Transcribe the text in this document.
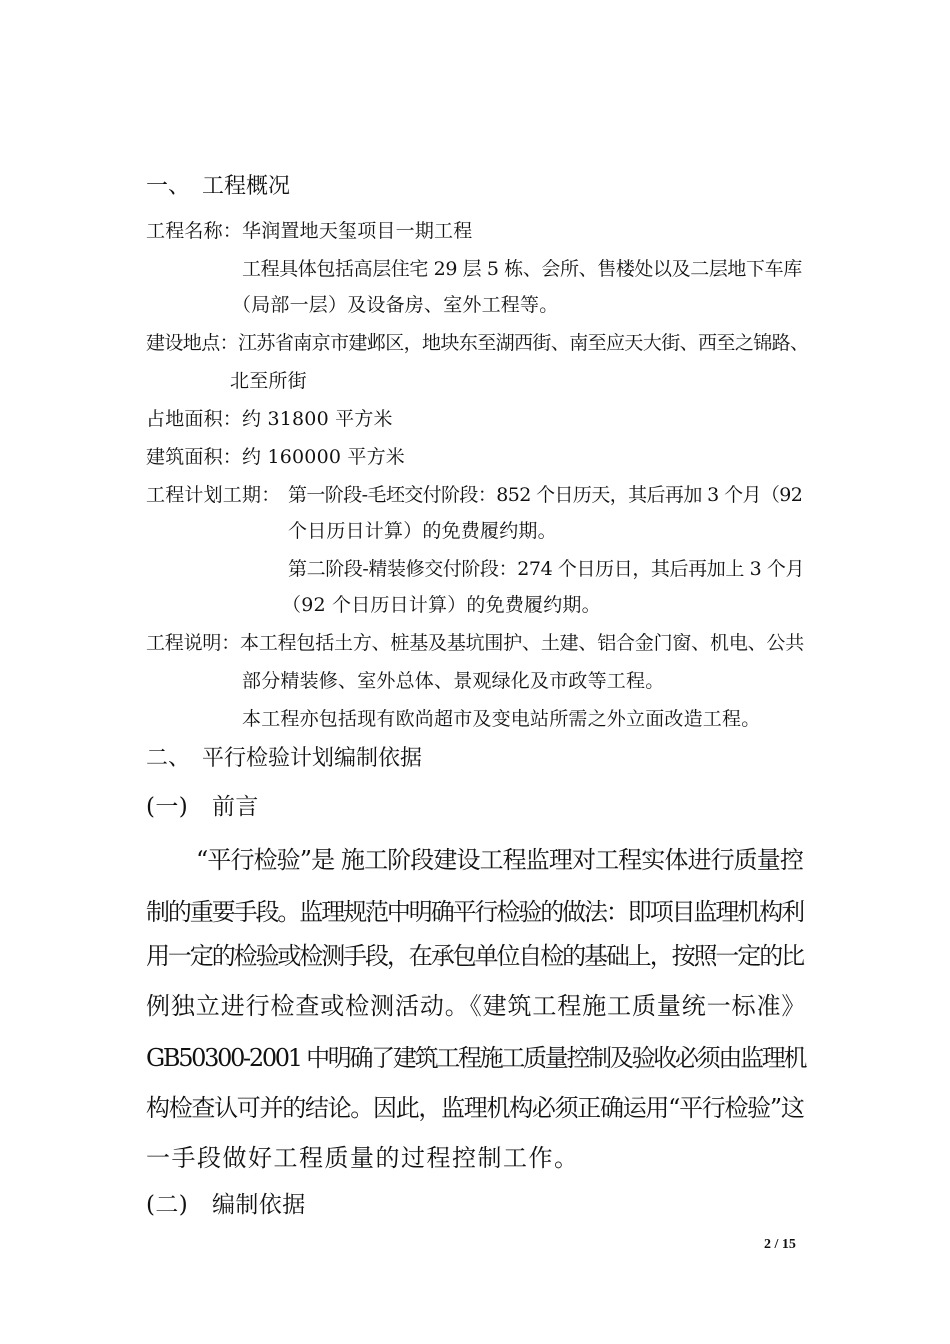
一、 工程概况
工程名称：华润置地天玺项目一期工程
工程具体包括高层住宅 29 层 5 栋、会所、售楼处以及二层地下车库
（局部一层）及设备房、室外工程等。
建设地点：江苏省南京市建邺区，地块东至湖西街、南至应天大街、西至之锦路、
北至所街
占地面积：约 31800 平方米
建筑面积：约 160000 平方米
工程计划工期： 第一阶段-毛坯交付阶段：852 个日历天，其后再加 3 个月（92
个日历日计算）的免费履约期。
第二阶段-精装修交付阶段：274 个日历日，其后再加上 3 个月
（92 个日历日计算）的免费履约期。
工程说明：本工程包括土方、桩基及基坑围护、土建、铝合金门窗、机电、公共
部分精装修、室外总体、景观绿化及市政等工程。
本工程亦包括现有欧尚超市及变电站所需之外立面改造工程。
二、 平行检验计划编制依据
(一) 前言
“平行检验”是 施工阶段建设工程监理对工程实体进行质量控
制的重要手段。监理规范中明确平行检验的做法：即项目监理机构利
用一定的检验或检测手段，在承包单位自检的基础上，按照一定的比
例独立进行检查或检测活动。《建筑工程施工质量统一标准》
GB50300-2001 中明确了建筑工程施工质量控制及验收必须由监理机
构检查认可并的结论。因此，监理机构必须正确运用“平行检验”这
一手段做好工程质量的过程控制工作。
(二) 编制依据
2 / 15
